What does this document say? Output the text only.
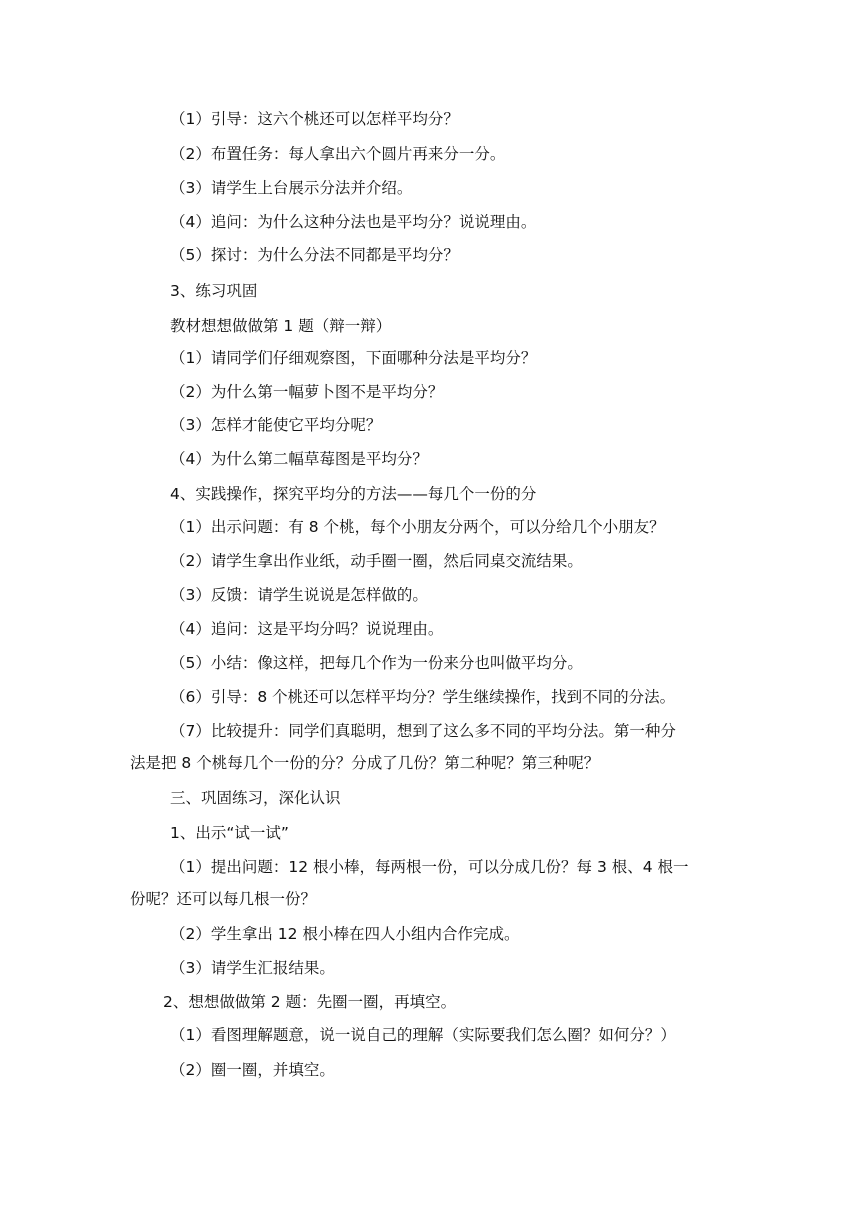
（1）引导：这六个桃还可以怎样平均分？
（2）布置任务：每人拿出六个圆片再来分一分。
（3）请学生上台展示分法并介绍。
（4）追问：为什么这种分法也是平均分？说说理由。
（5）探讨：为什么分法不同都是平均分？
3、练习巩固
教材想想做做第 1 题（辩一辩）
（1）请同学们仔细观察图，下面哪种分法是平均分？
（2）为什么第一幅萝卜图不是平均分？
（3）怎样才能使它平均分呢？
（4）为什么第二幅草莓图是平均分？
4、实践操作，探究平均分的方法——每几个一份的分
（1）出示问题：有 8 个桃，每个小朋友分两个，可以分给几个小朋友？
（2）请学生拿出作业纸，动手圈一圈，然后同桌交流结果。
（3）反馈：请学生说说是怎样做的。
（4）追问：这是平均分吗？说说理由。
（5）小结：像这样，把每几个作为一份来分也叫做平均分。
（6）引导：8 个桃还可以怎样平均分？学生继续操作，找到不同的分法。
（7）比较提升：同学们真聪明，想到了这么多不同的平均分法。第一种分
法是把 8 个桃每几个一份的分？分成了几份？第二种呢？第三种呢？
三、巩固练习，深化认识
1、出示“试一试”
（1）提出问题：12 根小棒，每两根一份，可以分成几份？每 3 根、4 根一
份呢？还可以每几根一份？
（2）学生拿出 12 根小棒在四人小组内合作完成。
（3）请学生汇报结果。
2、想想做做第 2 题：先圈一圈，再填空。
（1）看图理解题意，说一说自己的理解（实际要我们怎么圈？如何分？）
（2）圈一圈，并填空。
